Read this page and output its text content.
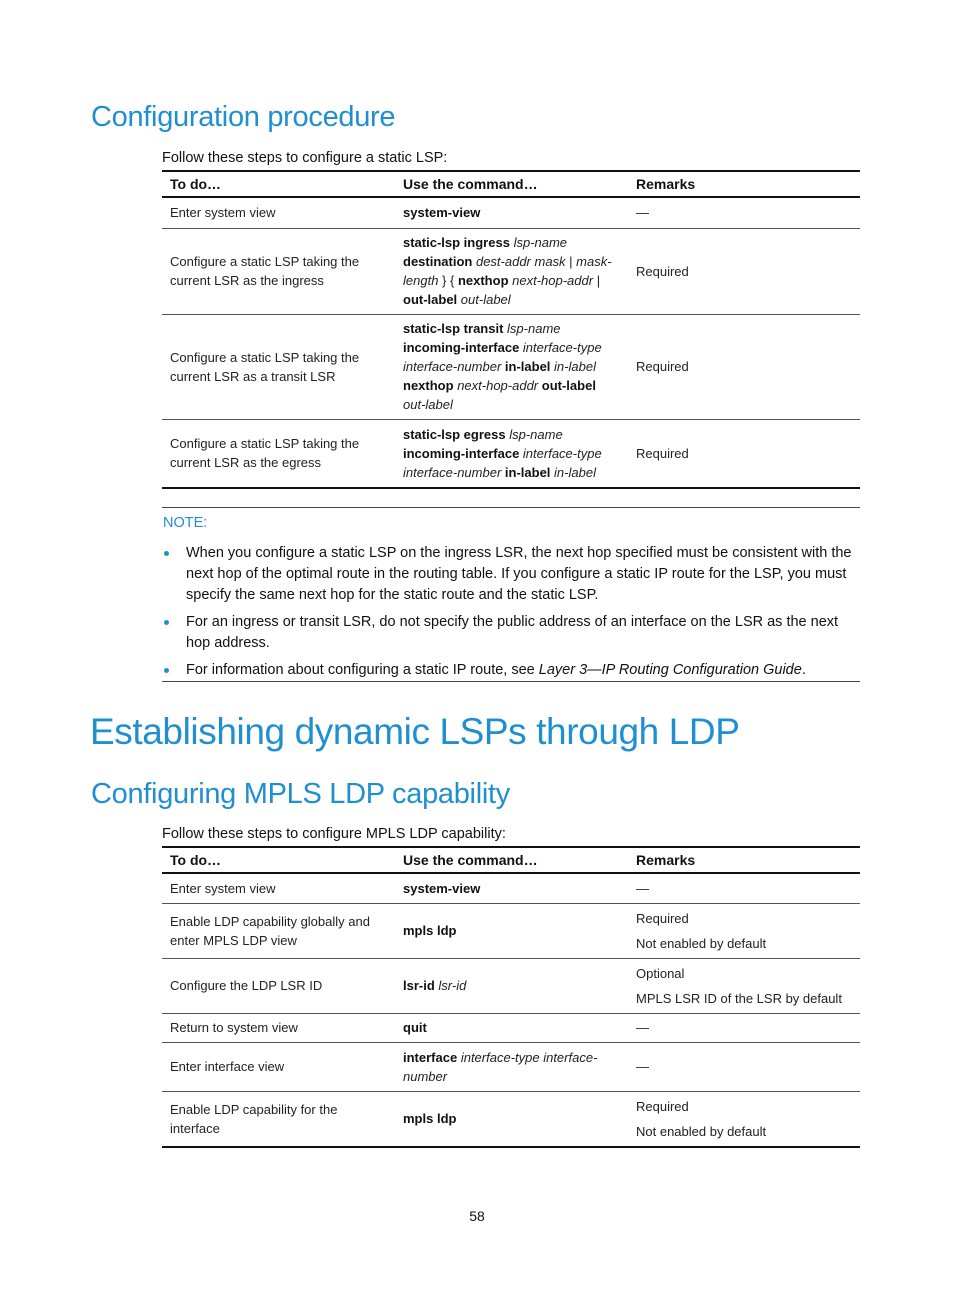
Configuration procedure

Follow these steps to configure a static LSP:

To do…	Use the command…	Remarks
Enter system view	system-view	—

Configure a static LSP taking the current LSR as the ingress	static-lsp ingress lsp-name destination dest-addr mask | mask-length } { nexthop next-hop-addr | out-label out-label	Required

Configure a static LSP taking the current LSR as a transit LSR	static-lsp transit lsp-name incoming-interface interface-type interface-number in-label in-label nexthop next-hop-addr out-label out-label	Required

Configure a static LSP taking the current LSR as the egress	static-lsp egress lsp-name incoming-interface interface-type interface-number in-label in-label	Required

NOTE:

When you configure a static LSP on the ingress LSR, the next hop specified must be consistent with the next hop of the optimal route in the routing table. If you configure a static IP route for the LSP, you must specify the same next hop for the static route and the static LSP.
For an ingress or transit LSR, do not specify the public address of an interface on the LSR as the next hop address.
For information about configuring a static IP route, see Layer 3—IP Routing Configuration Guide.
Establishing dynamic LSPs through LDP
Configuring MPLS LDP capability

Follow these steps to configure MPLS LDP capability:

To do…	Use the command…	Remarks
Enter system view	system-view	—

Enable LDP capability globally and enter MPLS LDP view	mpls ldp	Required
Not enabled by default

Configure the LDP LSR ID	lsr-id lsr-id	Optional
MPLS LSR ID of the LSR by default

Return to system view	quit	—

Enter interface view	interface interface-type interface-number	—

Enable LDP capability for the interface	mpls ldp	Required
Not enabled by default
58
